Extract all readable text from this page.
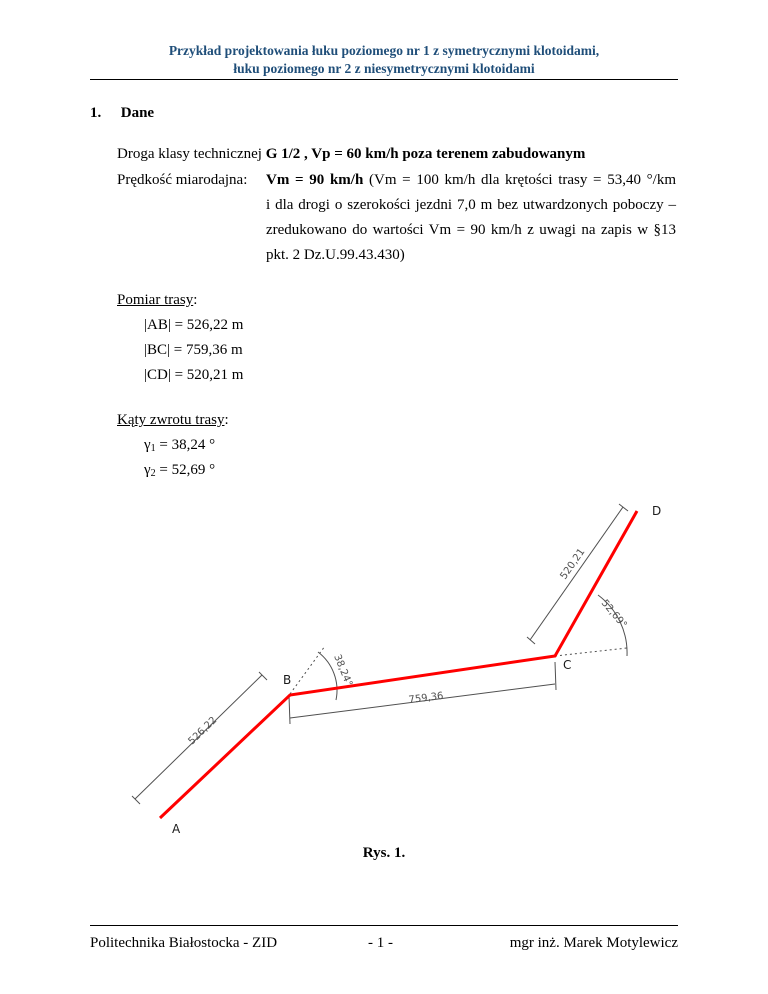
Przykład projektowania łuku poziomego nr 1 z symetrycznymi klotoidami,
łuku poziomego nr 2 z niesymetrycznymi klotoidami
1. Dane
Droga klasy technicznej G 1/2 , Vp = 60 km/h poza terenem zabudowanym
Prędkość miarodajna: Vm = 90 km/h (Vm = 100 km/h dla krętości trasy = 53,40 °/km
i dla drogi o szerokości jezdni 7,0 m bez utwardzonych poboczy –
zredukowano do wartości Vm = 90 km/h z uwagi na zapis w §13
pkt. 2 Dz.U.99.43.430)
Pomiar trasy:
|AB| = 526,22 m
|BC| = 759,36 m
|CD| = 520,21 m
Kąty zwrotu trasy:
$\gamma_1 = 38,24$ °
$\gamma_2 = 52,69$ °
526,22
759,36
520,21
38,24°
52,69°
A
B
C
D
Rys. 1.
Politechnika Białostocka - ZID	- 1 -	mgr inż. Marek Motylewicz
